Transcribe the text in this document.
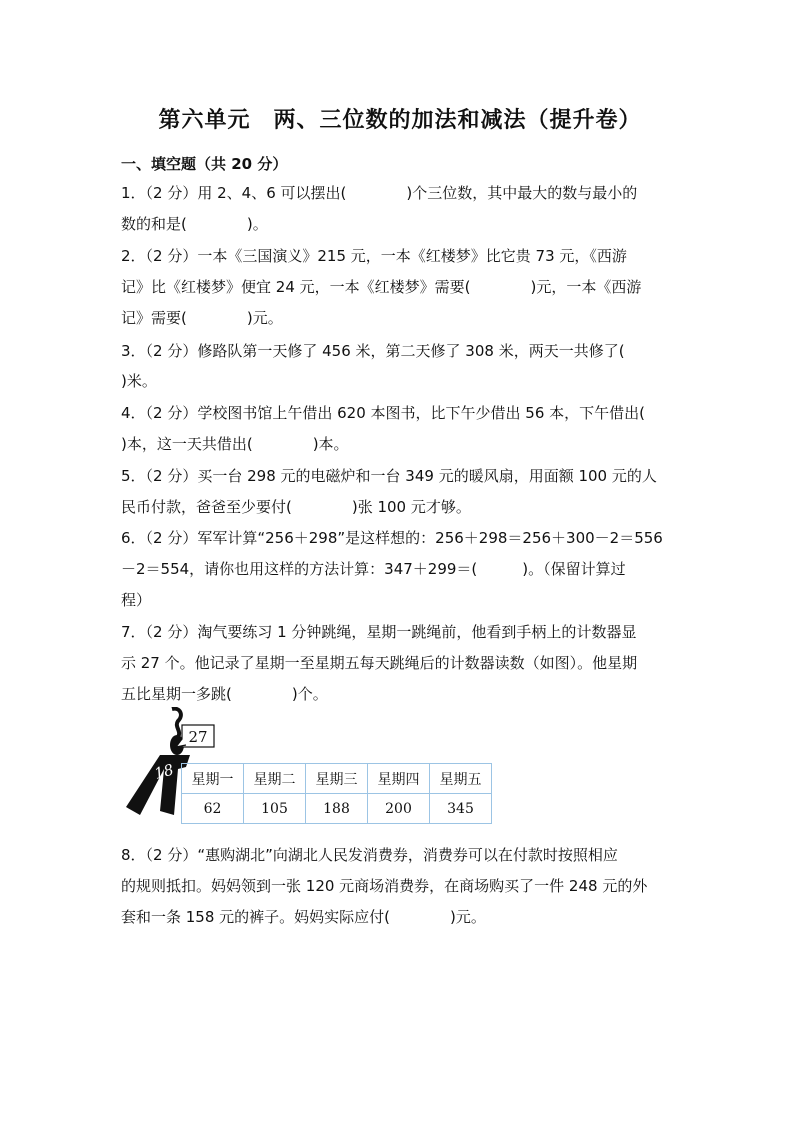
第六单元　两、三位数的加法和减法（提升卷）
一、填空题（共 20 分）
1．（2 分）用 2、4、6 可以摆出(　　　　)个三位数，其中最大的数与最小的
数的和是(　　　　)。
2．（2 分）一本《三国演义》215 元，一本《红楼梦》比它贵 73 元，《西游
记》比《红楼梦》便宜 24 元，一本《红楼梦》需要(　　　　)元，一本《西游
记》需要(　　　　)元。
3．（2 分）修路队第一天修了 456 米，第二天修了 308 米，两天一共修了(
)米。
4．（2 分）学校图书馆上午借出 620 本图书，比下午少借出 56 本，下午借出(
)本，这一天共借出(　　　　)本。
5．（2 分）买一台 298 元的电磁炉和一台 349 元的暖风扇，用面额 100 元的人
民币付款，爸爸至少要付(　　　　)张 100 元才够。
6．（2 分）军军计算“256＋298”是这样想的：256＋298＝256＋300－2＝556
－2＝554，请你也用这样的方法计算：347＋299＝(　　　)。（保留计算过
程）
7．（2 分）淘气要练习 1 分钟跳绳，星期一跳绳前，他看到手柄上的计数器显
示 27 个。他记录了星期一至星期五每天跳绳后的计数器读数（如图）。他星期
五比星期一多跳(　　　　)个。
27
18 星期一	星期二	星期三	星期四	星期五
62	105	188	200	345
8．（2 分）“惠购湖北”向湖北人民发消费券，消费券可以在付款时按照相应
的规则抵扣。妈妈领到一张 120 元商场消费券，在商场购买了一件 248 元的外
套和一条 158 元的裤子。妈妈实际应付(　　　　)元。
